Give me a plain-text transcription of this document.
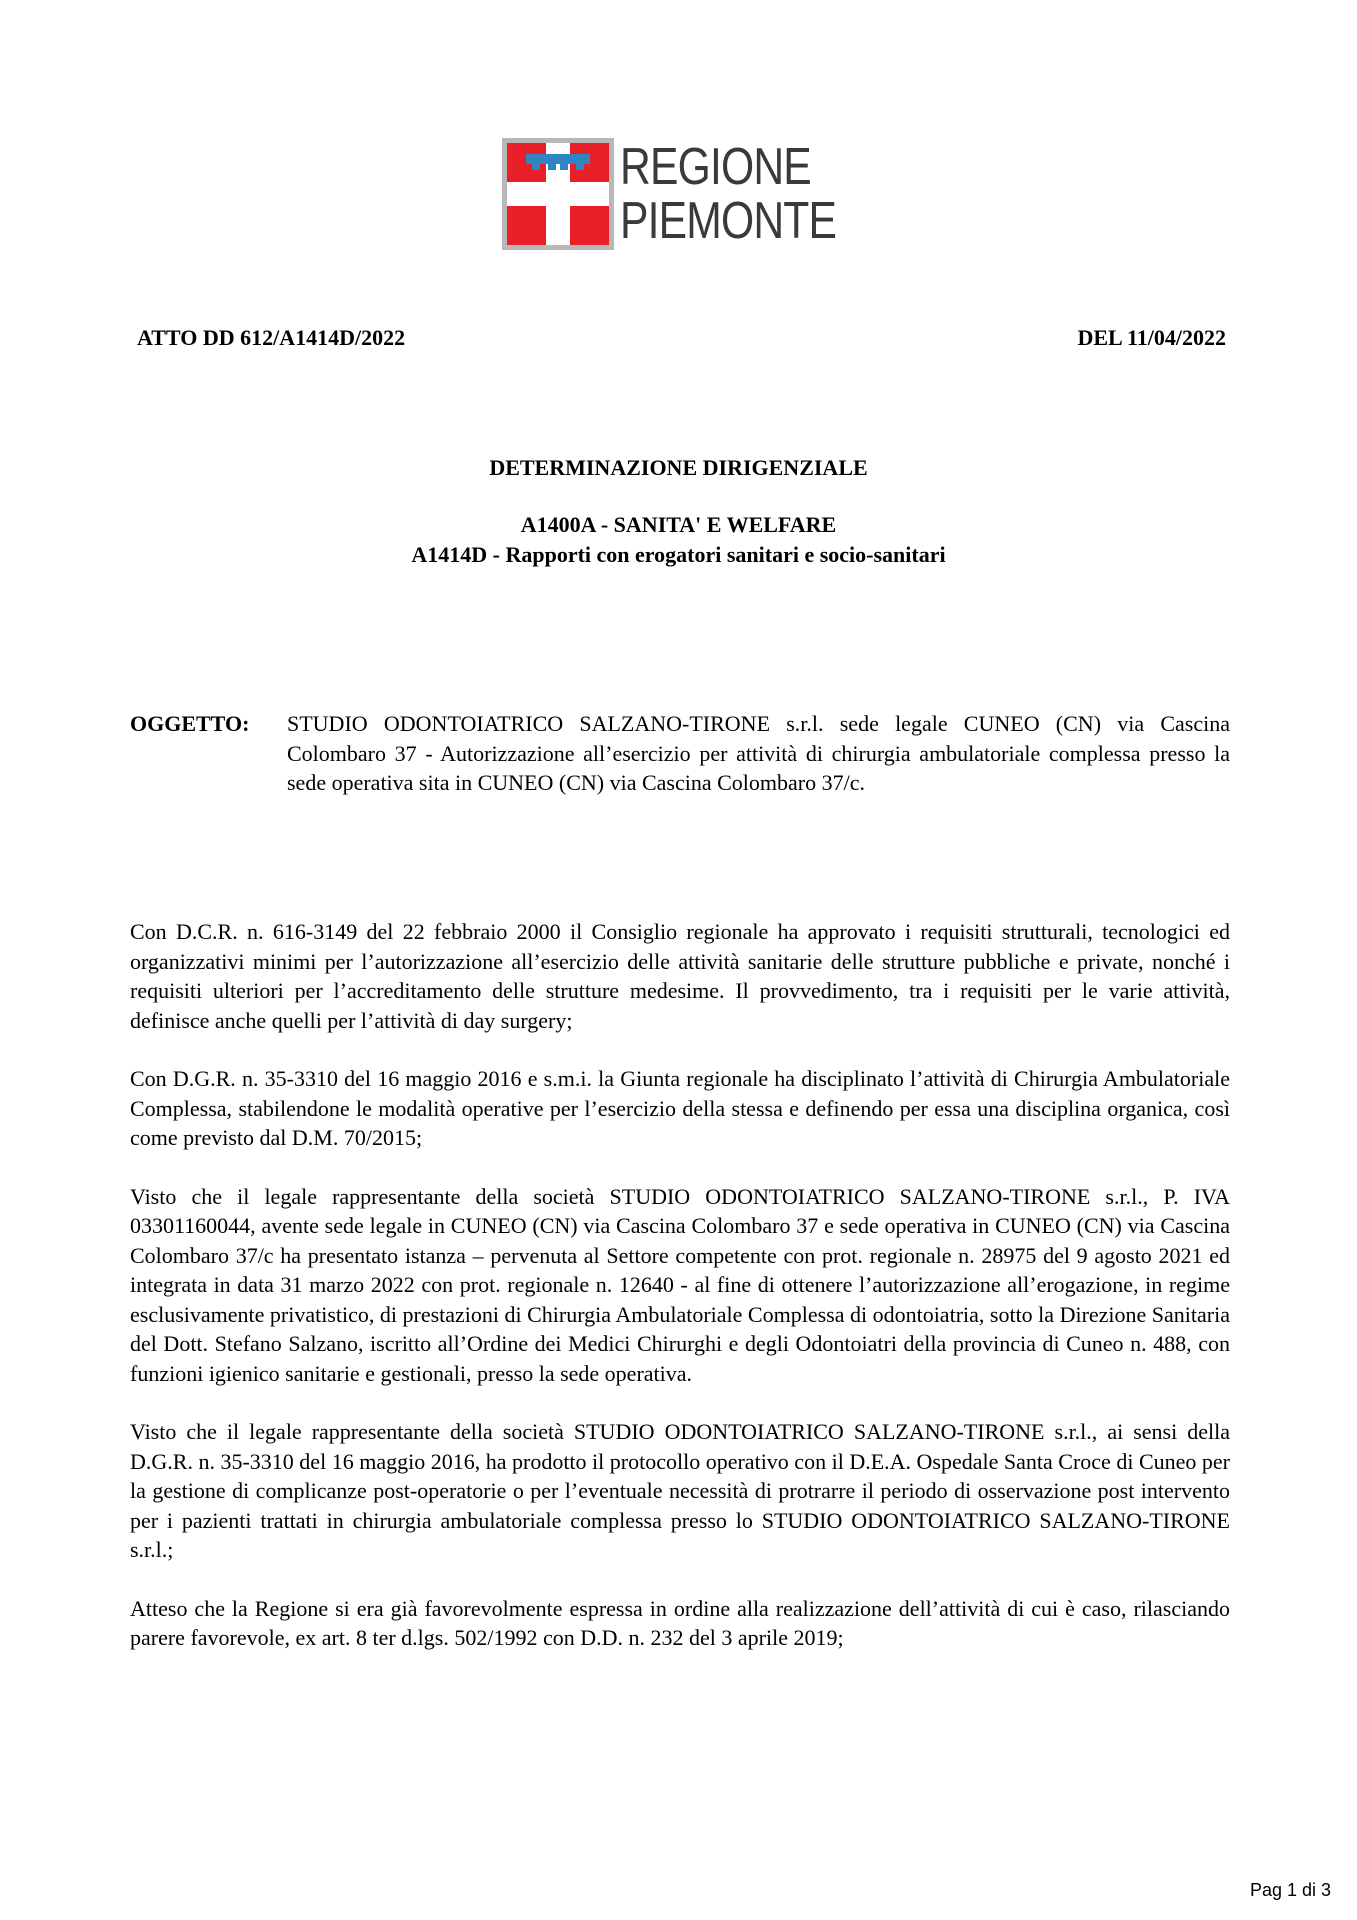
REGIONE
PIEMONTE
ATTO DD 612/A1414D/2022	DEL 11/04/2022
DETERMINAZIONE DIRIGENZIALE
A1400A - SANITA' E WELFARE
A1414D - Rapporti con erogatori sanitari e socio-sanitari
OGGETTO: STUDIO ODONTOIATRICO SALZANO-TIRONE s.r.l. sede legale CUNEO (CN) via Cascina Colombaro 37 - Autorizzazione all’esercizio per attività di chirurgia ambulatoriale complessa presso la sede operativa sita in CUNEO (CN) via Cascina Colombaro 37/c.

Con D.C.R. n. 616-3149 del 22 febbraio 2000 il Consiglio regionale ha approvato i requisiti strutturali, tecnologici ed organizzativi minimi per l’autorizzazione all’esercizio delle attività sanitarie delle strutture pubbliche e private, nonché i requisiti ulteriori per l’accreditamento delle strutture medesime. Il provvedimento, tra i requisiti per le varie attività, definisce anche quelli per l’attività di day surgery;

Con D.G.R. n. 35-3310 del 16 maggio 2016 e s.m.i. la Giunta regionale ha disciplinato l’attività di Chirurgia Ambulatoriale Complessa, stabilendone le modalità operative per l’esercizio della stessa e definendo per essa una disciplina organica, così come previsto dal D.M. 70/2015;

Visto che il legale rappresentante della società STUDIO ODONTOIATRICO SALZANO-TIRONE s.r.l., P. IVA 03301160044, avente sede legale in CUNEO (CN) via Cascina Colombaro 37 e sede operativa in CUNEO (CN) via Cascina Colombaro 37/c ha presentato istanza – pervenuta al Settore competente con prot. regionale n. 28975 del 9 agosto 2021 ed integrata in data 31 marzo 2022 con prot. regionale n. 12640 - al fine di ottenere l’autorizzazione all’erogazione, in regime esclusivamente privatistico, di prestazioni di Chirurgia Ambulatoriale Complessa di odontoiatria, sotto la Direzione Sanitaria del Dott. Stefano Salzano, iscritto all’Ordine dei Medici Chirurghi e degli Odontoiatri della provincia di Cuneo n. 488, con funzioni igienico sanitarie e gestionali, presso la sede operativa.

Visto che il legale rappresentante della società STUDIO ODONTOIATRICO SALZANO-TIRONE s.r.l., ai sensi della D.G.R. n. 35-3310 del 16 maggio 2016, ha prodotto il protocollo operativo con il D.E.A. Ospedale Santa Croce di Cuneo per la gestione di complicanze post-operatorie o per l’eventuale necessità di protrarre il periodo di osservazione post intervento per i pazienti trattati in chirurgia ambulatoriale complessa presso lo STUDIO ODONTOIATRICO SALZANO-TIRONE s.r.l.;

Atteso che la Regione si era già favorevolmente espressa in ordine alla realizzazione dell’attività di cui è caso, rilasciando parere favorevole, ex art. 8 ter d.lgs. 502/1992 con D.D. n. 232 del 3 aprile 2019;

Pag 1 di 3
